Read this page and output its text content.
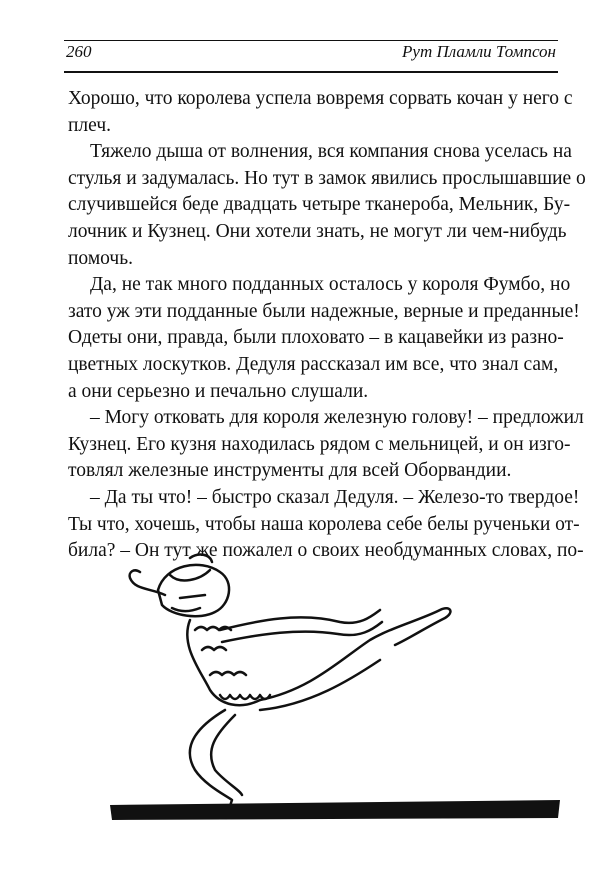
260	Рут Пламли Томпсон
Хорошо, что королева успела вовремя сорвать кочан у него с
плеч.
Тяжело дыша от волнения, вся компания снова уселась на
стулья и задумалась. Но тут в замок явились прослышавшие о
случившейся беде двадцать четыре тканероба, Мельник, Бу-
лочник и Кузнец. Они хотели знать, не могут ли чем-нибудь
помочь.
Да, не так много подданных осталось у короля Фумбо, но
зато уж эти подданные были надежные, верные и преданные!
Одеты они, правда, были плоховато – в кацавейки из разно-
цветных лоскутков. Дедуля рассказал им все, что знал сам,
а они серьезно и печально слушали.
– Могу отковать для короля железную голову! – предложил
Кузнец. Его кузня находилась рядом с мельницей, и он изго-
товлял железные инструменты для всей Оборвандии.
– Да ты что! – быстро сказал Дедуля. – Железо-то твердое!
Ты что, хочешь, чтобы наша королева себе белы рученьки от-
била? – Он тут же пожалел о своих необдуманных словах, по-
